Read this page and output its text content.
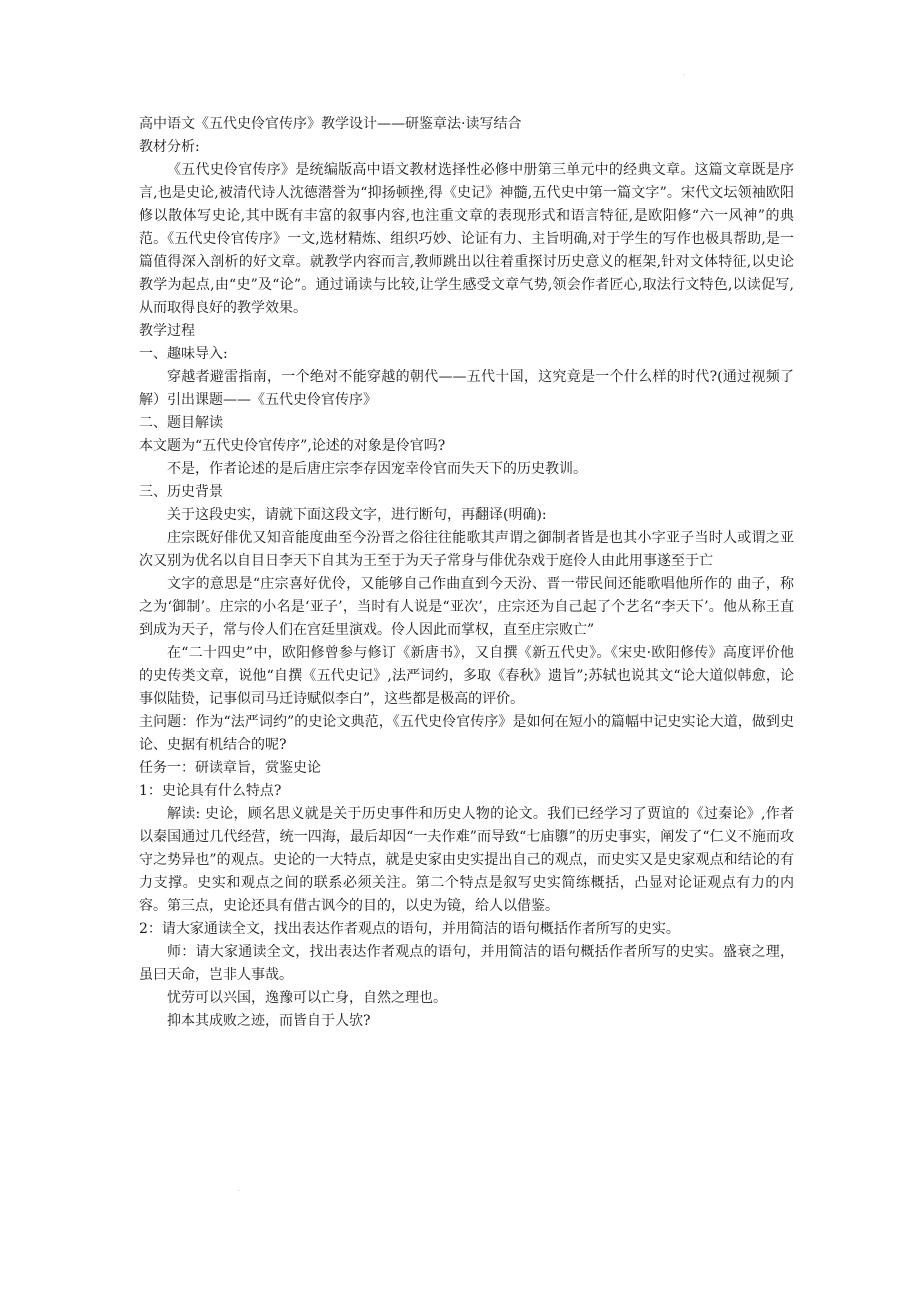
·
·

高中语文《五代史伶官传序》教学设计——研鉴章法·读写结合

教材分析:

《五代史伶官传序》是统编版高中语文教材选择性必修中册第三单元中的经典文章。这篇文章既是序言,也是史论,被清代诗人沈德潜誉为“抑扬顿挫,得《史记》神髓,五代史中第一篇文字”。宋代文坛领袖欧阳修以散体写史论,其中既有丰富的叙事内容,也注重文章的表现形式和语言特征,是欧阳修“六一风神”的典范。《五代史伶官传序》一文,选材精炼、组织巧妙、论证有力、主旨明确,对于学生的写作也极具帮助,是一篇值得深入剖析的好文章。就教学内容而言,教师跳出以往着重探讨历史意义的框架,针对文体特征,以史论教学为起点,由“史”及“论”。通过诵读与比较,让学生感受文章气势,领会作者匠心,取法行文特色,以读促写,从而取得良好的教学效果。

教学过程

一、趣味导入:

穿越者避雷指南，一个绝对不能穿越的朝代——五代十国，这究竟是一个什么样的时代?(通过视频了解）引出课题——《五代史伶官传序》

二、题目解读

本文题为“五代史伶官传序”,论述的对象是伶官吗?

不是，作者论述的是后唐庄宗李存因宠幸伶官而失天下的历史教训。

三、历史背景

关于这段史实，请就下面这段文字，进行断句，再翻译(明确):

庄宗既好俳优又知音能度曲至今汾晋之俗往往能歌其声谓之御制者皆是也其小字亚子当时人或谓之亚次又别为优名以自目日李天下自其为王至于为天子常身与俳优杂戏于庭伶人由此用事遂至于亡

文字的意思是“庄宗喜好优伶，又能够自己作曲直到今天汾、晋一带民间还能歌唱他所作的 曲子，称之为‘御制’。庄宗的小名是‘亚子’，当时有人说是“亚次’，庄宗还为自己起了个艺名“李天下’。他从称王直到成为天子，常与伶人们在宫廷里演戏。伶人因此而掌权，直至庄宗败亡”

在“二十四史”中，欧阳修曾参与修订《新唐书》，又自撰《新五代史》。《宋史·欧阳修传》高度评价他的史传类文章，说他“自撰《五代史记》,法严词约，多取《春秋》遗旨”;苏轼也说其文“论大道似韩愈，论事似陆贽，记事似司马迁诗赋似李白”，这些都是极高的评价。

主问题：作为“法严词约”的史论文典范，《五代史伶官传序》是如何在短小的篇幅中记史实论大道，做到史论、史据有机结合的呢?

任务一：研读章旨，赏鉴史论

1：史论具有什么特点?

解读: 史论，顾名思义就是关于历史事件和历史人物的论文。我们已经学习了贾谊的《过秦论》,作者以秦国通过几代经营，统一四海，最后却因“一夫作难”而导致“七庙隳”的历史事实，阐发了“仁义不施而攻守之势异也”的观点。史论的一大特点，就是史家由史实提出自己的观点，而史实又是史家观点和结论的有力支撑。史实和观点之间的联系必须关注。第二个特点是叙写史实简练概括，凸显对论证观点有力的内容。第三点，史论还具有借古讽今的目的，以史为镜，给人以借鉴。

2：请大家通读全文，找出表达作者观点的语句，并用简洁的语句概括作者所写的史实。

师：请大家通读全文，找出表达作者观点的语句，并用简洁的语句概括作者所写的史实。盛衰之理，虽曰天命，岂非人事哉。

忧劳可以兴国，逸豫可以亡身，自然之理也。

抑本其成败之迹，而皆自于人欤?
